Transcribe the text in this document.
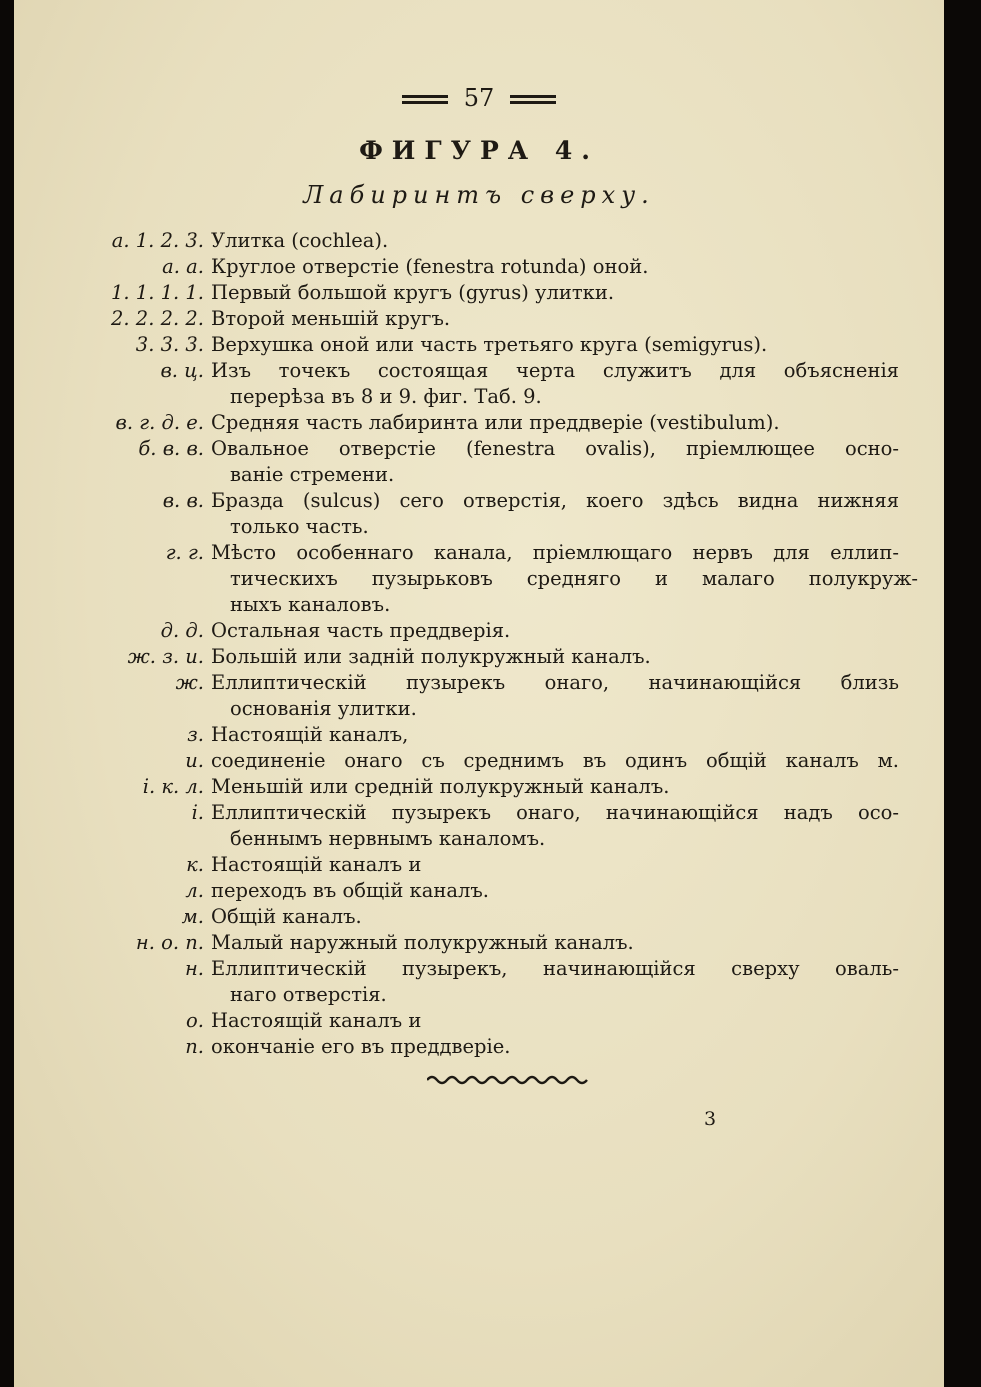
57
ФИГУРА 4.
Лабиринтъ сверху.
a. 1. 2. 3. Улитка (cochlea).
a. a. Круглое отверстіе (fenestra rotunda) оной.
1. 1. 1. 1. Первый большой кругъ (gyrus) улитки.
2. 2. 2. 2. Второй меньшій кругъ.
3. 3. 3. Верхушка оной или часть третьяго круга (semigyrus).
в. ц. Изъ точекъ состоящая черта служитъ для объясненія
перерѣза въ 8 и 9. фиг. Таб. 9.
в. г. д. е. Средняя часть лабиринта или преддверіе (vestibulum).
б. в. в. Овальное отверстіе (fenestra ovalis), пріемлющее осно-
ваніе стремени.
в. в. Бразда (sulcus) сего отверстія, коего здѣсь видна нижняя
только часть.
г. г. Мѣсто особеннаго канала, пріемлющаго нервъ для еллип-
тическихъ пузырьковъ средняго и малаго полукруж-
ныхъ каналовъ.
д. д. Остальная часть преддверія.
ж. з. и. Большій или задній полукружный каналъ.
ж. Еллиптическій пузырекъ онаго, начинающійся близь
основанія улитки.
з. Настоящій каналъ,
и. соединеніе онаго съ среднимъ въ одинъ общій каналъ м.
і. к. л. Меньшій или средній полукружный каналъ.
і. Еллиптическій пузырекъ онаго, начинающійся надъ осо-
беннымъ нервнымъ каналомъ.
к. Настоящій каналъ и
л. переходъ въ общій каналъ.
м. Общій каналъ.
н. о. п. Малый наружный полукружный каналъ.
н. Еллиптическій пузырекъ, начинающійся сверху оваль-
наго отверстія.
о. Настоящій каналъ и
п. окончаніе его въ преддверіе.
3
